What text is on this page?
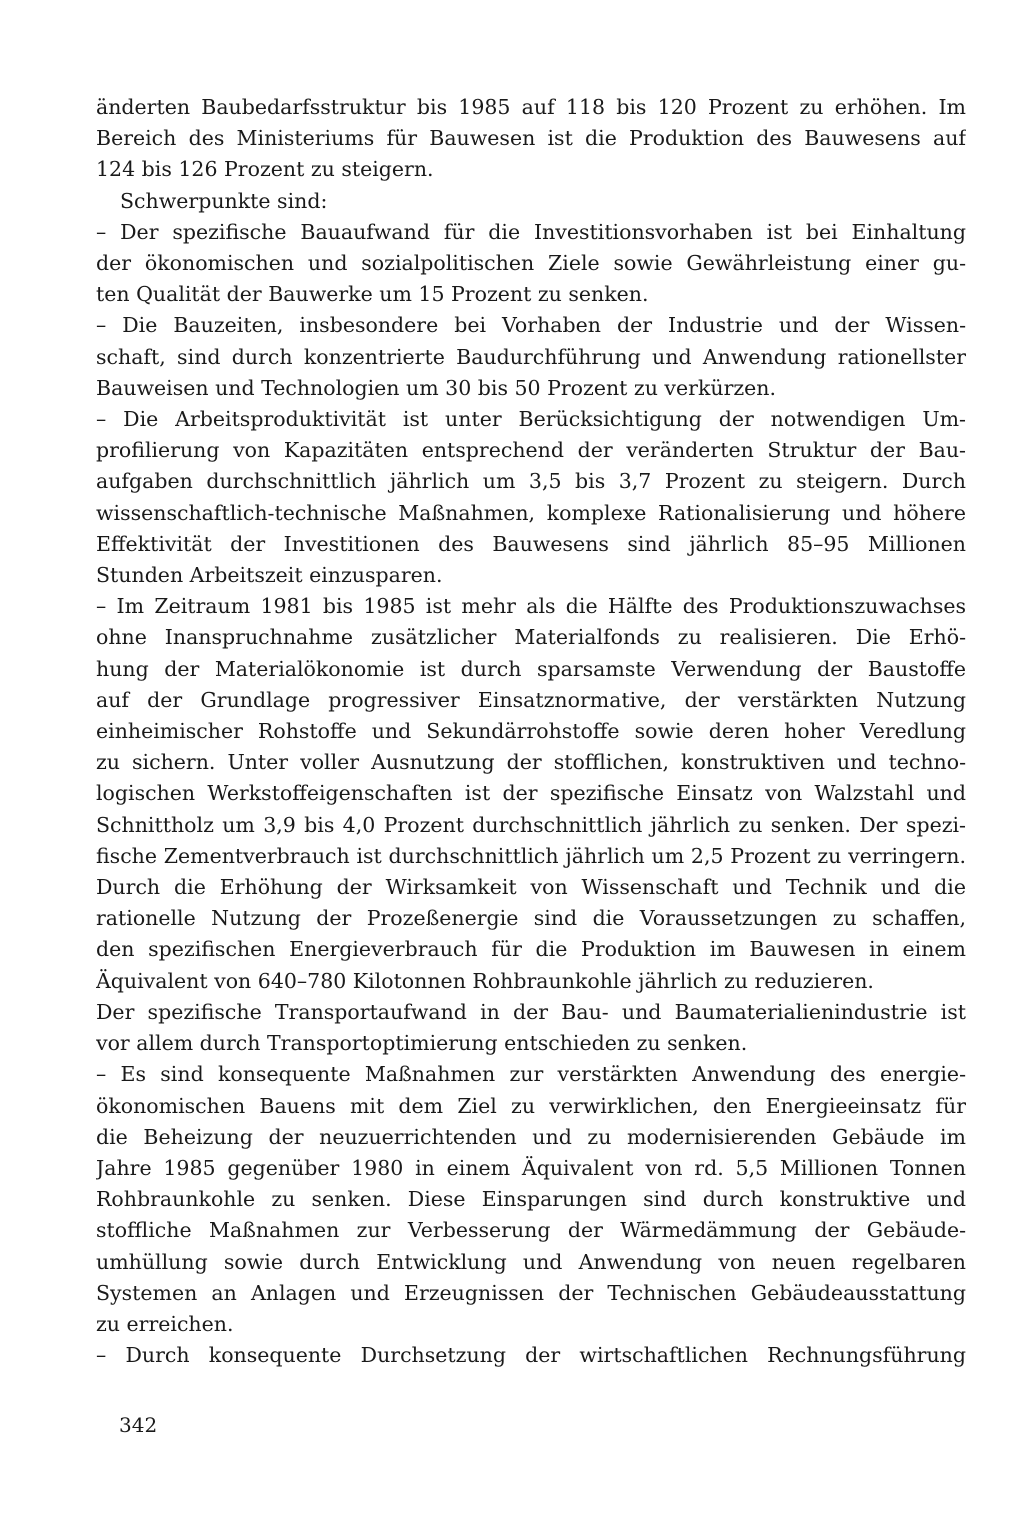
änderten Baubedarfsstruktur bis 1985 auf 118 bis 120 Prozent zu erhöhen. Im
Bereich des Ministeriums für Bauwesen ist die Produktion des Bauwesens auf
124 bis 126 Prozent zu steigern.
Schwerpunkte sind:
– Der spezifische Bauaufwand für die Investitionsvorhaben ist bei Einhaltung
der ökonomischen und sozialpolitischen Ziele sowie Gewährleistung einer gu-
ten Qualität der Bauwerke um 15 Prozent zu senken.
– Die Bauzeiten, insbesondere bei Vorhaben der Industrie und der Wissen-
schaft, sind durch konzentrierte Baudurchführung und Anwendung rationellster
Bauweisen und Technologien um 30 bis 50 Prozent zu verkürzen.
– Die Arbeitsproduktivität ist unter Berücksichtigung der notwendigen Um-
profilierung von Kapazitäten entsprechend der veränderten Struktur der Bau-
aufgaben durchschnittlich jährlich um 3,5 bis 3,7 Prozent zu steigern. Durch
wissenschaftlich-technische Maßnahmen, komplexe Rationalisierung und höhere
Effektivität der Investitionen des Bauwesens sind jährlich 85–95 Millionen
Stunden Arbeitszeit einzusparen.
– Im Zeitraum 1981 bis 1985 ist mehr als die Hälfte des Produktionszuwachses
ohne Inanspruchnahme zusätzlicher Materialfonds zu realisieren. Die Erhö-
hung der Materialökonomie ist durch sparsamste Verwendung der Baustoffe
auf der Grundlage progressiver Einsatznormative, der verstärkten Nutzung
einheimischer Rohstoffe und Sekundärrohstoffe sowie deren hoher Veredlung
zu sichern. Unter voller Ausnutzung der stofflichen, konstruktiven und techno-
logischen Werkstoffeigenschaften ist der spezifische Einsatz von Walzstahl und
Schnittholz um 3,9 bis 4,0 Prozent durchschnittlich jährlich zu senken. Der spezi-
fische Zementverbrauch ist durchschnittlich jährlich um 2,5 Prozent zu verringern.
Durch die Erhöhung der Wirksamkeit von Wissenschaft und Technik und die
rationelle Nutzung der Prozeßenergie sind die Voraussetzungen zu schaffen,
den spezifischen Energieverbrauch für die Produktion im Bauwesen in einem
Äquivalent von 640–780 Kilotonnen Rohbraunkohle jährlich zu reduzieren.
Der spezifische Transportaufwand in der Bau- und Baumaterialienindustrie ist
vor allem durch Transportoptimierung entschieden zu senken.
– Es sind konsequente Maßnahmen zur verstärkten Anwendung des energie-
ökonomischen Bauens mit dem Ziel zu verwirklichen, den Energieeinsatz für
die Beheizung der neuzuerrichtenden und zu modernisierenden Gebäude im
Jahre 1985 gegenüber 1980 in einem Äquivalent von rd. 5,5 Millionen Tonnen
Rohbraunkohle zu senken. Diese Einsparungen sind durch konstruktive und
stoffliche Maßnahmen zur Verbesserung der Wärmedämmung der Gebäude-
umhüllung sowie durch Entwicklung und Anwendung von neuen regelbaren
Systemen an Anlagen und Erzeugnissen der Technischen Gebäudeausstattung
zu erreichen.
– Durch konsequente Durchsetzung der wirtschaftlichen Rechnungsführung
342
